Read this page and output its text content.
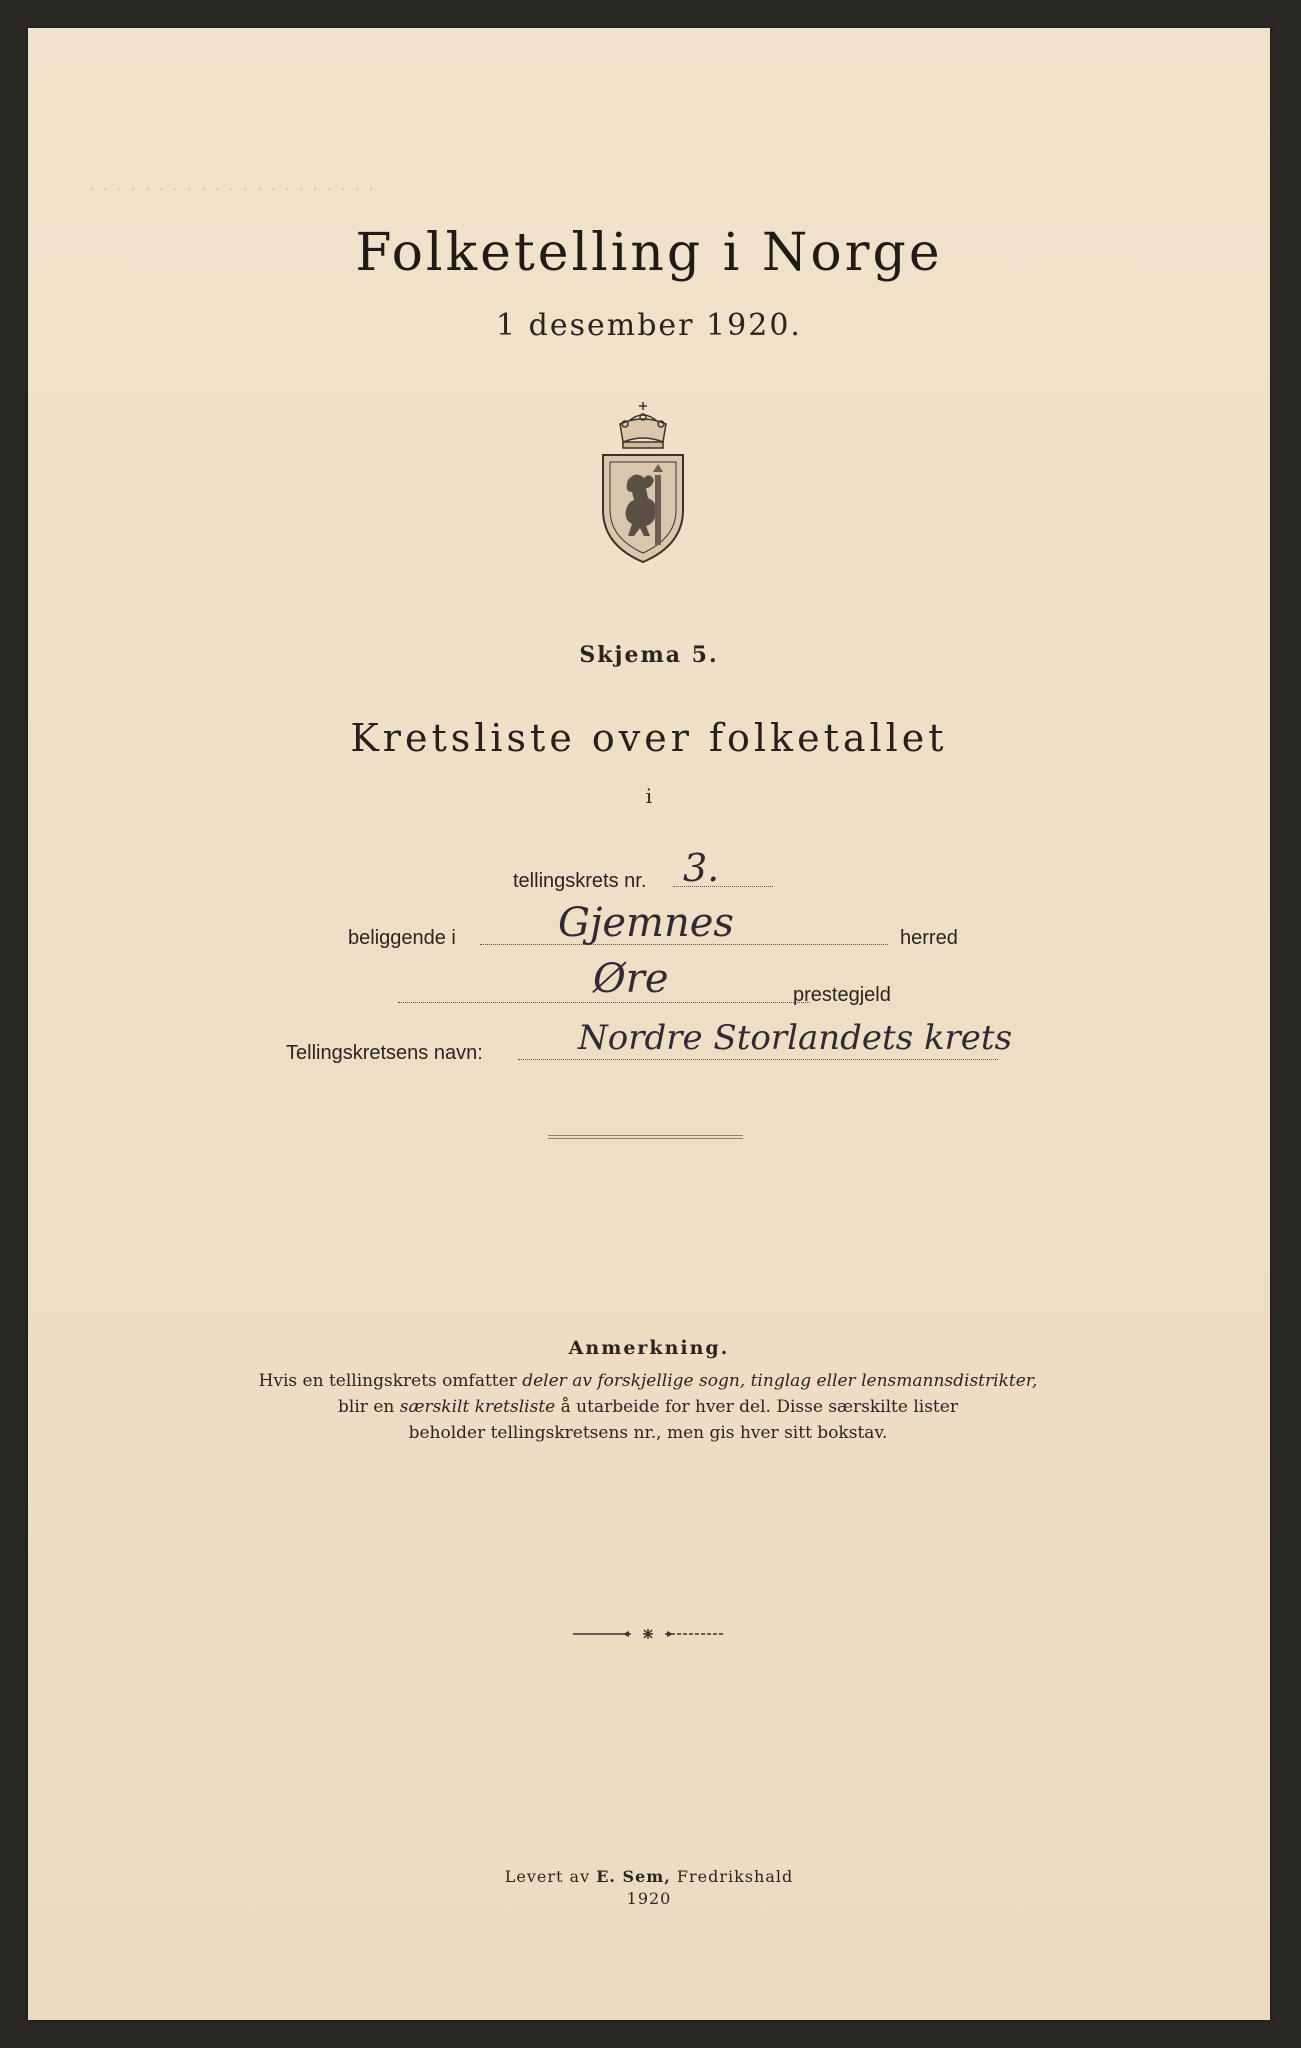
· · · · · · · · · · · · · · · · · · · · ·
Folketelling i Norge
1 desember 1920.
Skjema 5.
Kretsliste over folketallet
i
tellingskrets nr. 3.
beliggende i	Gjemnes	herred
Øre	prestegjeld
Tellingskretsens navn:	Nordre Storlandets krets
Anmerkning.
Hvis en tellingskrets omfatter deler av forskjellige sogn, tinglag eller lensmannsdistrikter,
blir en særskilt kretsliste å utarbeide for hver del. Disse særskilte lister
beholder tellingskretsens nr., men gis hver sitt bokstav.
Levert av E. Sem, Fredrikshald
1920
